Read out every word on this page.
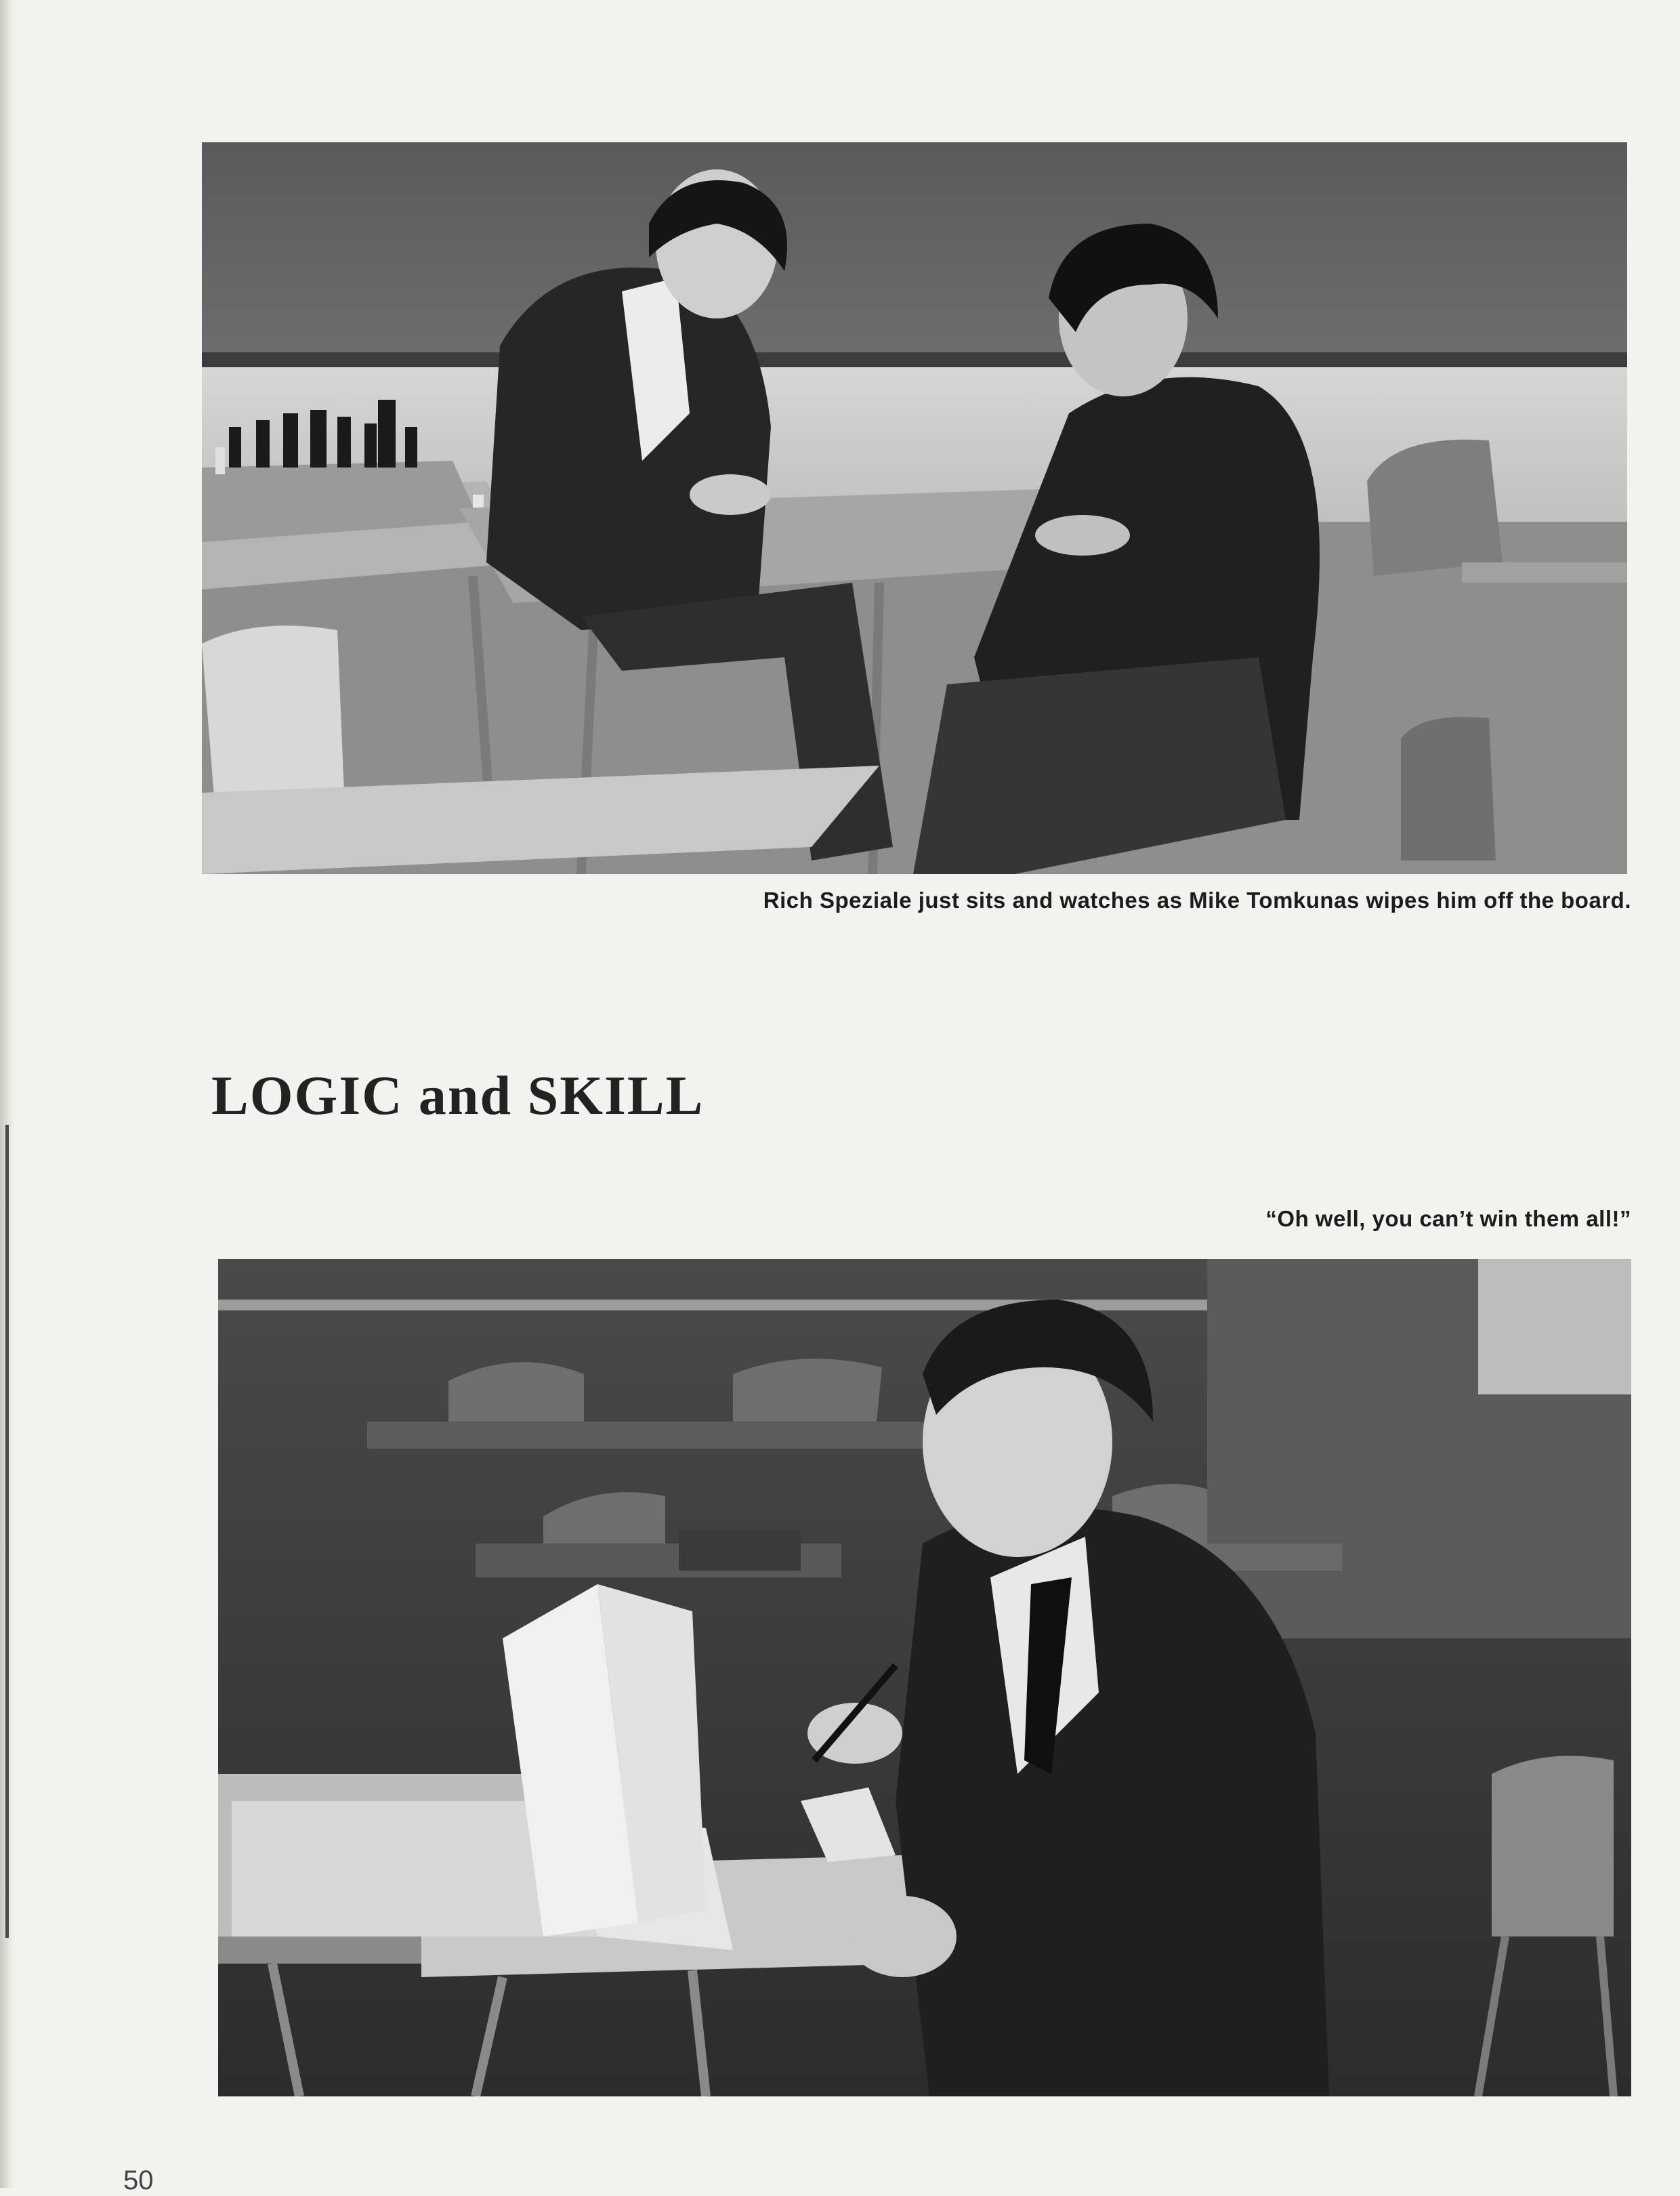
Rich Speziale just sits and watches as Mike Tomkunas wipes him off the board.
LOGIC and SKILL
“Oh well, you can’t win them all!”
50
